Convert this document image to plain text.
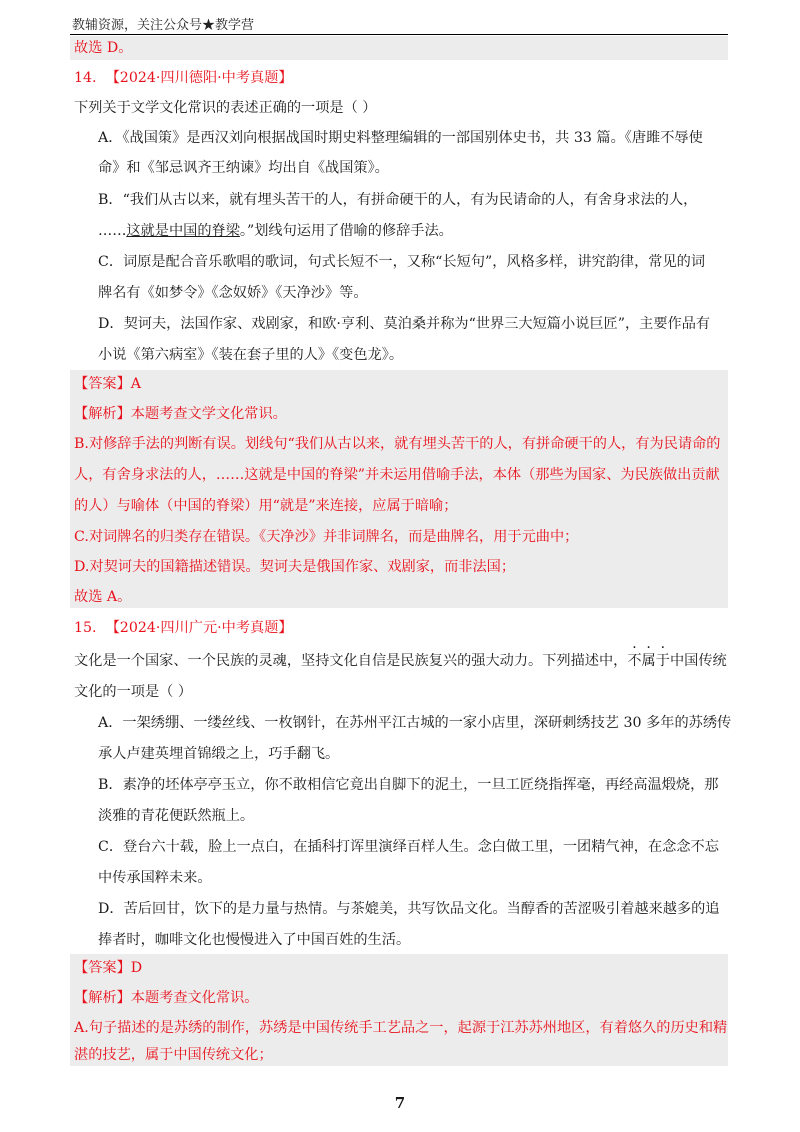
教辅资源，关注公众号★教学营
故选 D。
14. 【2024·四川德阳·中考真题】
下列关于文学文化常识的表述正确的一项是（ ）
A．《战国策》是西汉刘向根据战国时期史料整理编辑的一部国别体史书，共 33 篇。《唐雎不辱使
命》和《邹忌讽齐王纳谏》均出自《战国策》。
B．“我们从古以来，就有埋头苦干的人，有拼命硬干的人，有为民请命的人，有舍身求法的人，
……这就是中国的脊梁。”划线句运用了借喻的修辞手法。
C．词原是配合音乐歌唱的歌词，句式长短不一，又称“长短句”，风格多样，讲究韵律，常见的词
牌名有《如梦令》《念奴娇》《天净沙》等。
D．契诃夫，法国作家、戏剧家，和欧·亨利、莫泊桑并称为“世界三大短篇小说巨匠”，主要作品有
小说《第六病室》《装在套子里的人》《变色龙》。
【答案】A
【解析】本题考查文学文化常识。
B.对修辞手法的判断有误。划线句“我们从古以来，就有埋头苦干的人，有拼命硬干的人，有为民请命的
人，有舍身求法的人，……这就是中国的脊梁”并未运用借喻手法，本体（那些为国家、为民族做出贡献
的人）与喻体（中国的脊梁）用“就是”来连接，应属于暗喻；
C.对词牌名的归类存在错误。《天净沙》并非词牌名，而是曲牌名，用于元曲中；
D.对契诃夫的国籍描述错误。契诃夫是俄国作家、戏剧家，而非法国；
故选 A。
15. 【2024·四川广元·中考真题】
文化是一个国家、一个民族的灵魂，坚持文化自信是民族复兴的强大动力。下列描述中，不属于中国传统
文化的一项是（ ）
A．一架绣绷、一缕丝线、一枚钢针，在苏州平江古城的一家小店里，深研刺绣技艺 30 多年的苏绣传
承人卢建英埋首锦缎之上，巧手翻飞。
B．素净的坯体亭亭玉立，你不敢相信它竟出自脚下的泥土，一旦工匠绕指挥毫，再经高温煅烧，那
淡雅的青花便跃然瓶上。
C．登台六十载，脸上一点白，在插科打诨里演绎百样人生。念白做工里，一团精气神，在念念不忘
中传承国粹未来。
D．苦后回甘，饮下的是力量与热情。与茶媲美，共写饮品文化。当醇香的苦涩吸引着越来越多的追
捧者时，咖啡文化也慢慢进入了中国百姓的生活。
【答案】D
【解析】本题考查文化常识。
A.句子描述的是苏绣的制作，苏绣是中国传统手工艺品之一，起源于江苏苏州地区，有着悠久的历史和精
湛的技艺，属于中国传统文化；
7
